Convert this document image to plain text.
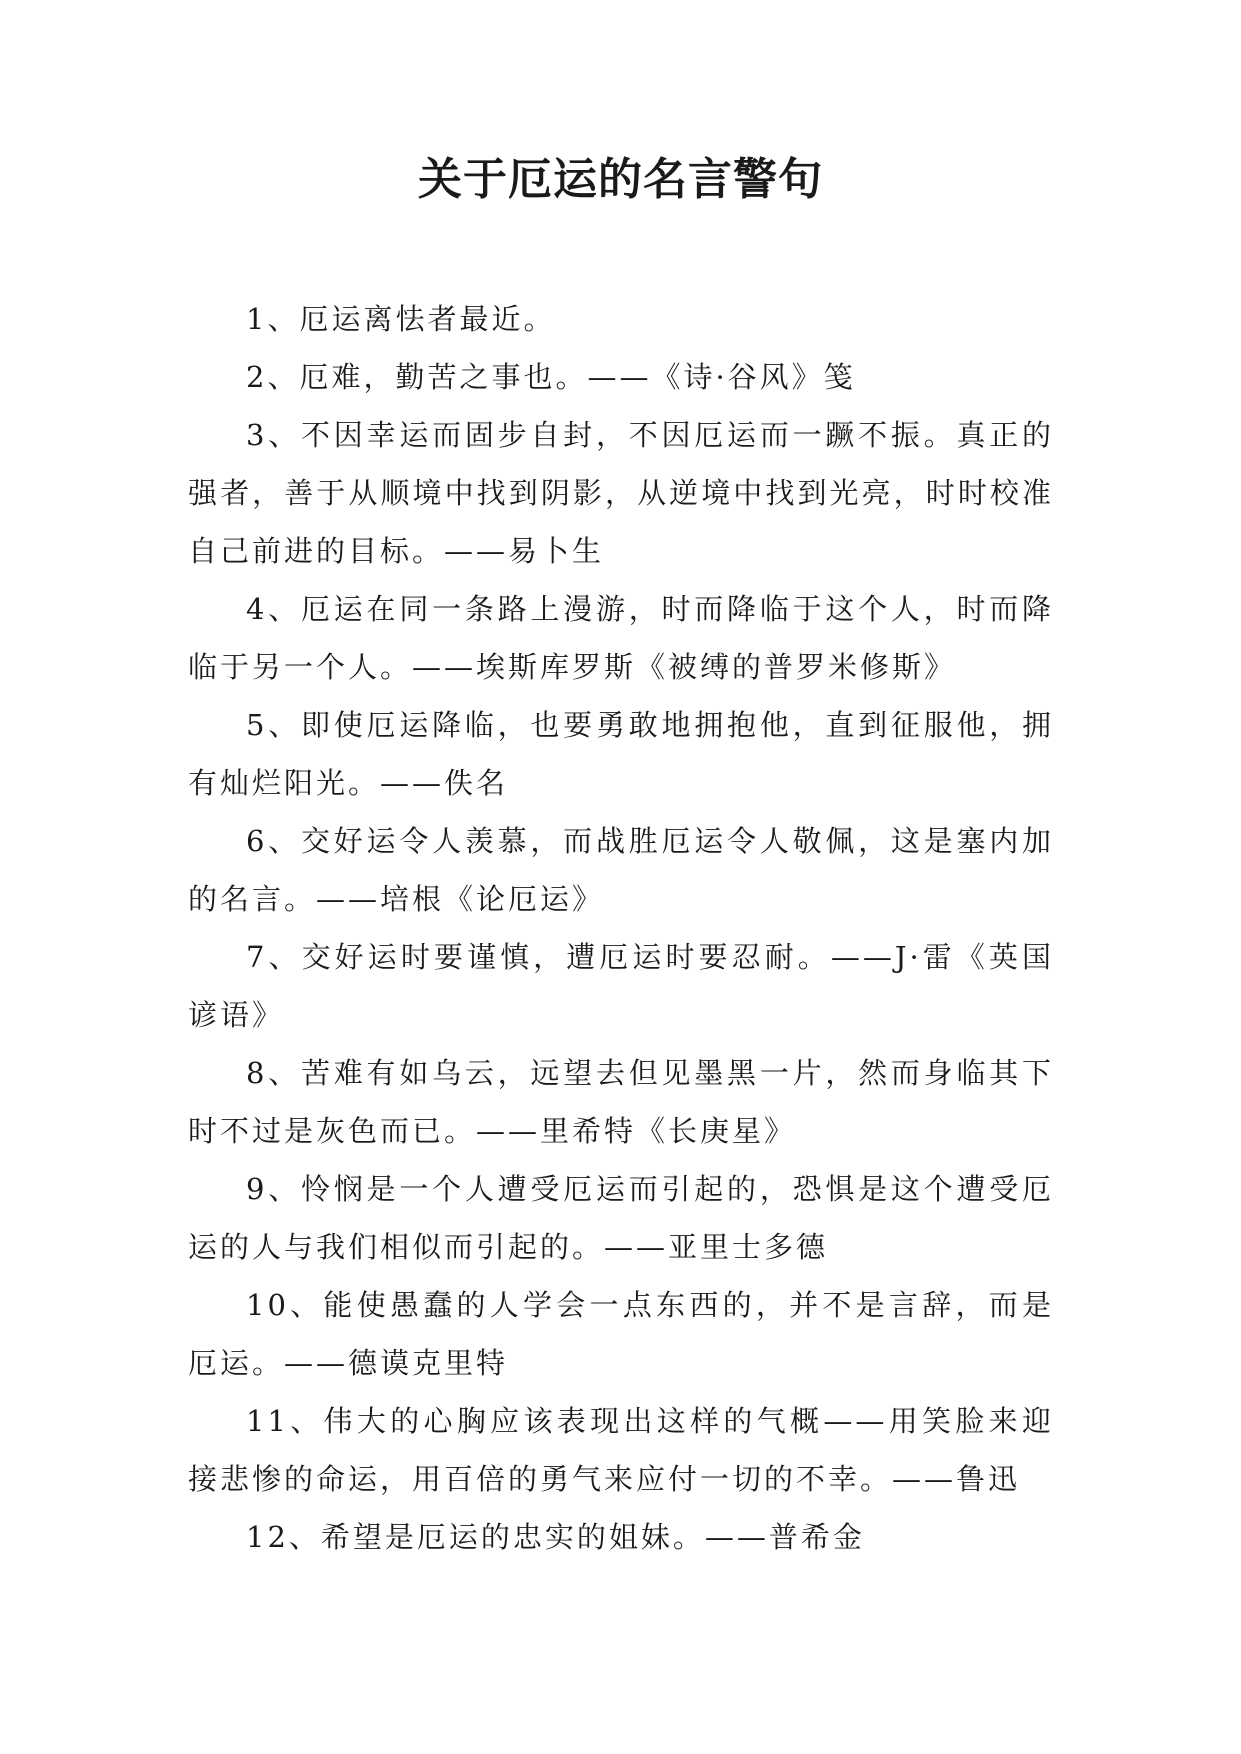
关于厄运的名言警句

1、厄运离怯者最近。

2、厄难，勤苦之事也。——《诗·谷风》笺

3、不因幸运而固步自封，不因厄运而一蹶不振。真正的强者，善于从顺境中找到阴影，从逆境中找到光亮，时时校准自己前进的目标。——易卜生

4、厄运在同一条路上漫游，时而降临于这个人，时而降临于另一个人。——埃斯库罗斯《被缚的普罗米修斯》

5、即使厄运降临，也要勇敢地拥抱他，直到征服他，拥有灿烂阳光。——佚名

6、交好运令人羡慕，而战胜厄运令人敬佩，这是塞内加的名言。——培根《论厄运》

7、交好运时要谨慎，遭厄运时要忍耐。——J·雷《英国谚语》

8、苦难有如乌云，远望去但见墨黑一片，然而身临其下时不过是灰色而已。——里希特《长庚星》

9、怜悯是一个人遭受厄运而引起的，恐惧是这个遭受厄运的人与我们相似而引起的。——亚里士多德

10、能使愚蠢的人学会一点东西的，并不是言辞，而是厄运。——德谟克里特

11、伟大的心胸应该表现出这样的气概——用笑脸来迎接悲惨的命运，用百倍的勇气来应付一切的不幸。——鲁迅

12、希望是厄运的忠实的姐妹。——普希金
